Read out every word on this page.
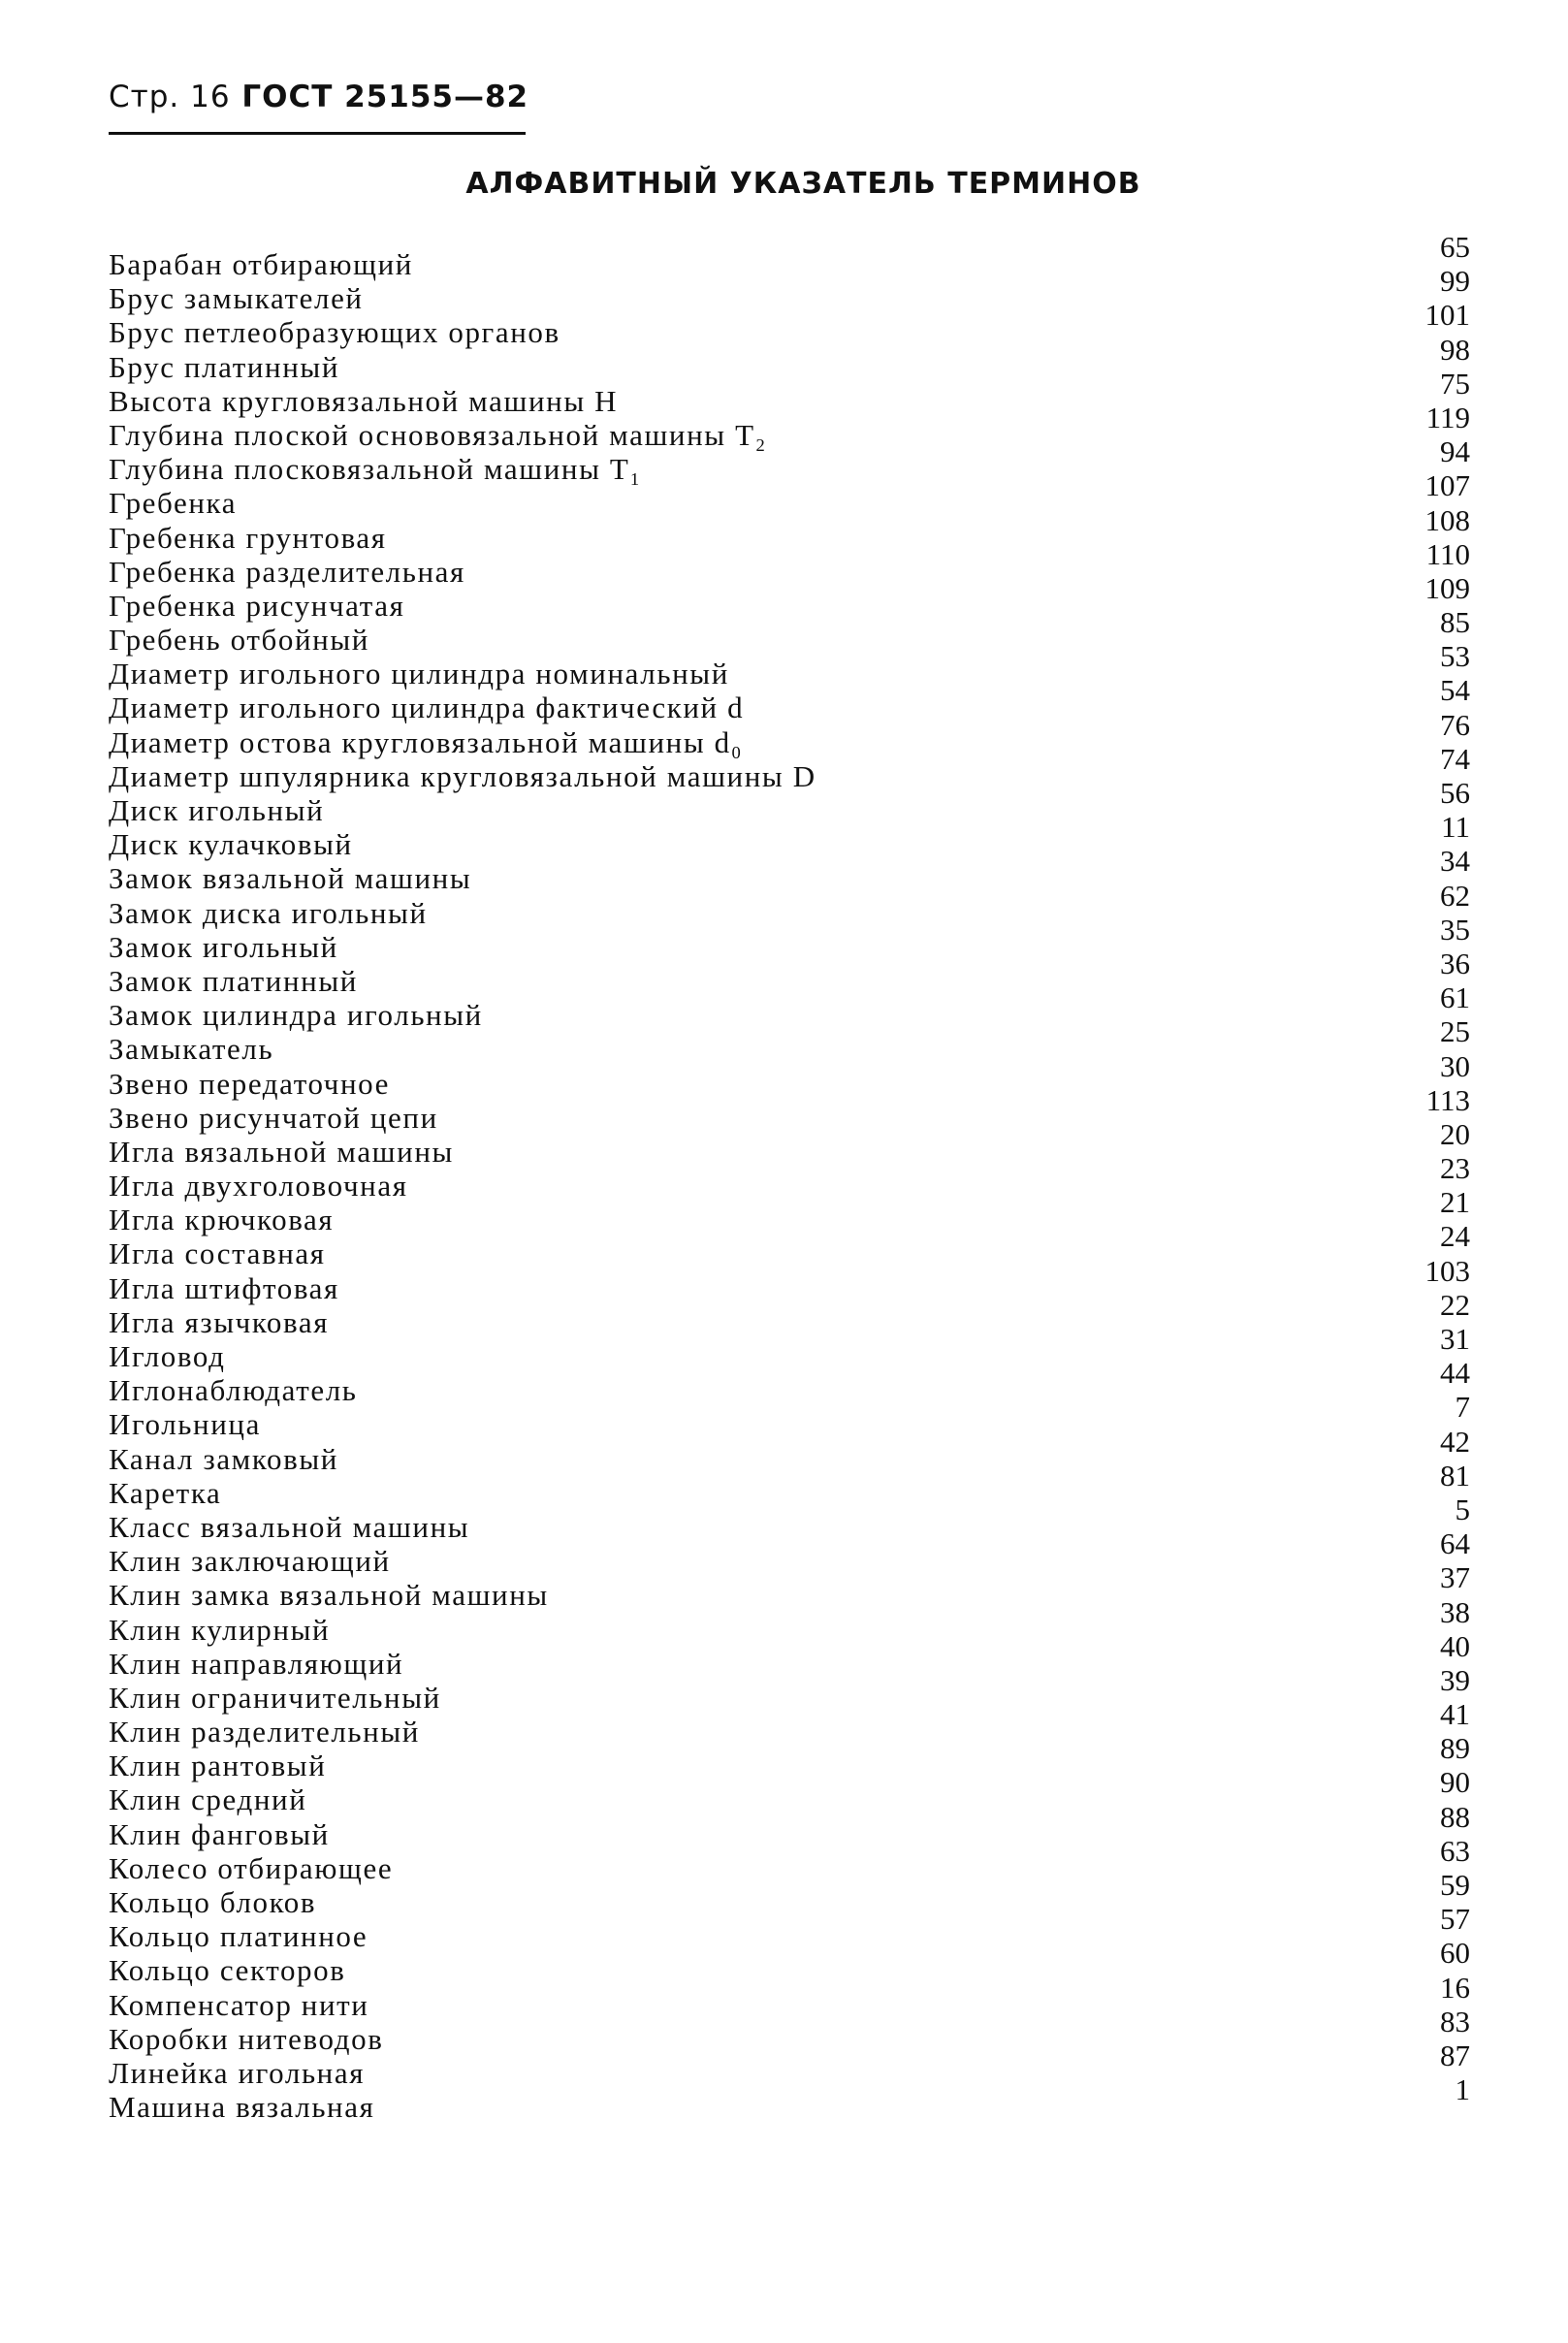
Стр. 16 ГОСТ 25155—82
АЛФАВИТНЫЙ УКАЗАТЕЛЬ ТЕРМИНОВ
Барабан отбирающий
65
Брус замыкателей
99
Брус петлеобразующих органов
101
Брус платинный
98
Высота кругловязальной машины H
75
Глубина плоской основовязальной машины T₂
119
Глубина плосковязальной машины T₁
94
Гребенка
107
Гребенка грунтовая
108
Гребенка разделительная
110
Гребенка рисунчатая
109
Гребень отбойный
85
Диаметр игольного цилиндра номинальный
53
Диаметр игольного цилиндра фактический d
54
Диаметр остова кругловязальной машины d₀
76
Диаметр шпулярника кругловязальной машины D
74
Диск игольный
56
Диск кулачковый
11
Замок вязальной машины
34
Замок диска игольный
62
Замок игольный
35
Замок платинный
36
Замок цилиндра игольный
61
Замыкатель
25
Звено передаточное
30
Звено рисунчатой цепи
113
Игла вязальной машины
20
Игла двухголовочная
23
Игла крючковая
21
Игла составная
24
Игла штифтовая
103
Игла язычковая
22
Игловод
31
Иглонаблюдатель
44
Игольница
7
Канал замковый
42
Каретка
81
Класс вязальной машины
5
Клин заключающий
64
Клин замка вязальной машины
37
Клин кулирный
38
Клин направляющий
40
Клин ограничительный
39
Клин разделительный
41
Клин рантовый
89
Клин средний
90
Клин фанговый
88
Колесо отбирающее
63
Кольцо блоков
59
Кольцо платинное
57
Кольцо секторов
60
Компенсатор нити
16
Коробки нитеводов
83
Линейка игольная
87
Машина вязальная
1
